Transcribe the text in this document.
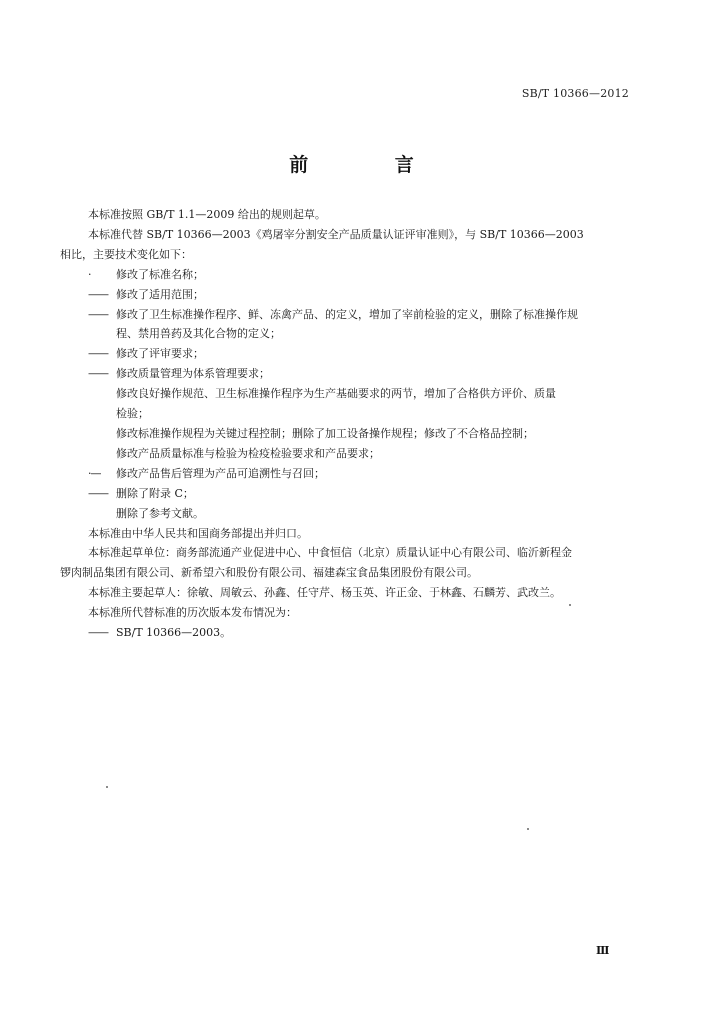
SB/T 10366—2012
前 言

本标准按照 GB/T 1.1—2009 给出的规则起草。

本标准代替 SB/T 10366—2003《鸡屠宰分割安全产品质量认证评审准则》，与 SB/T 10366—2003

相比，主要技术变化如下：

· 修改了标准名称；

—— 修改了适用范围；

—— 修改了卫生标准操作程序、鲜、冻禽产品、的定义，增加了宰前检验的定义，删除了标准操作规

程、禁用兽药及其化合物的定义；

—— 修改了评审要求；

—— 修改质量管理为体系管理要求；

修改良好操作规范、卫生标准操作程序为生产基础要求的两节，增加了合格供方评价、质量

检验；

修改标准操作规程为关键过程控制；删除了加工设备操作规程；修改了不合格品控制；

修改产品质量标准与检验为检疫检验要求和产品要求；

·— 修改产品售后管理为产品可追溯性与召回；

—— 删除了附录 C；

删除了参考文献。

本标准由中华人民共和国商务部提出并归口。

本标准起草单位：商务部流通产业促进中心、中食恒信（北京）质量认证中心有限公司、临沂新程金

锣肉制品集团有限公司、新希望六和股份有限公司、福建森宝食品集团股份有限公司。

本标准主要起草人：徐敏、周敏云、孙鑫、任守芹、杨玉英、许正金、于林鑫、石麟芳、武改兰。

本标准所代替标准的历次版本发布情况为：

—— SB/T 10366—2003。

Ⅲ
